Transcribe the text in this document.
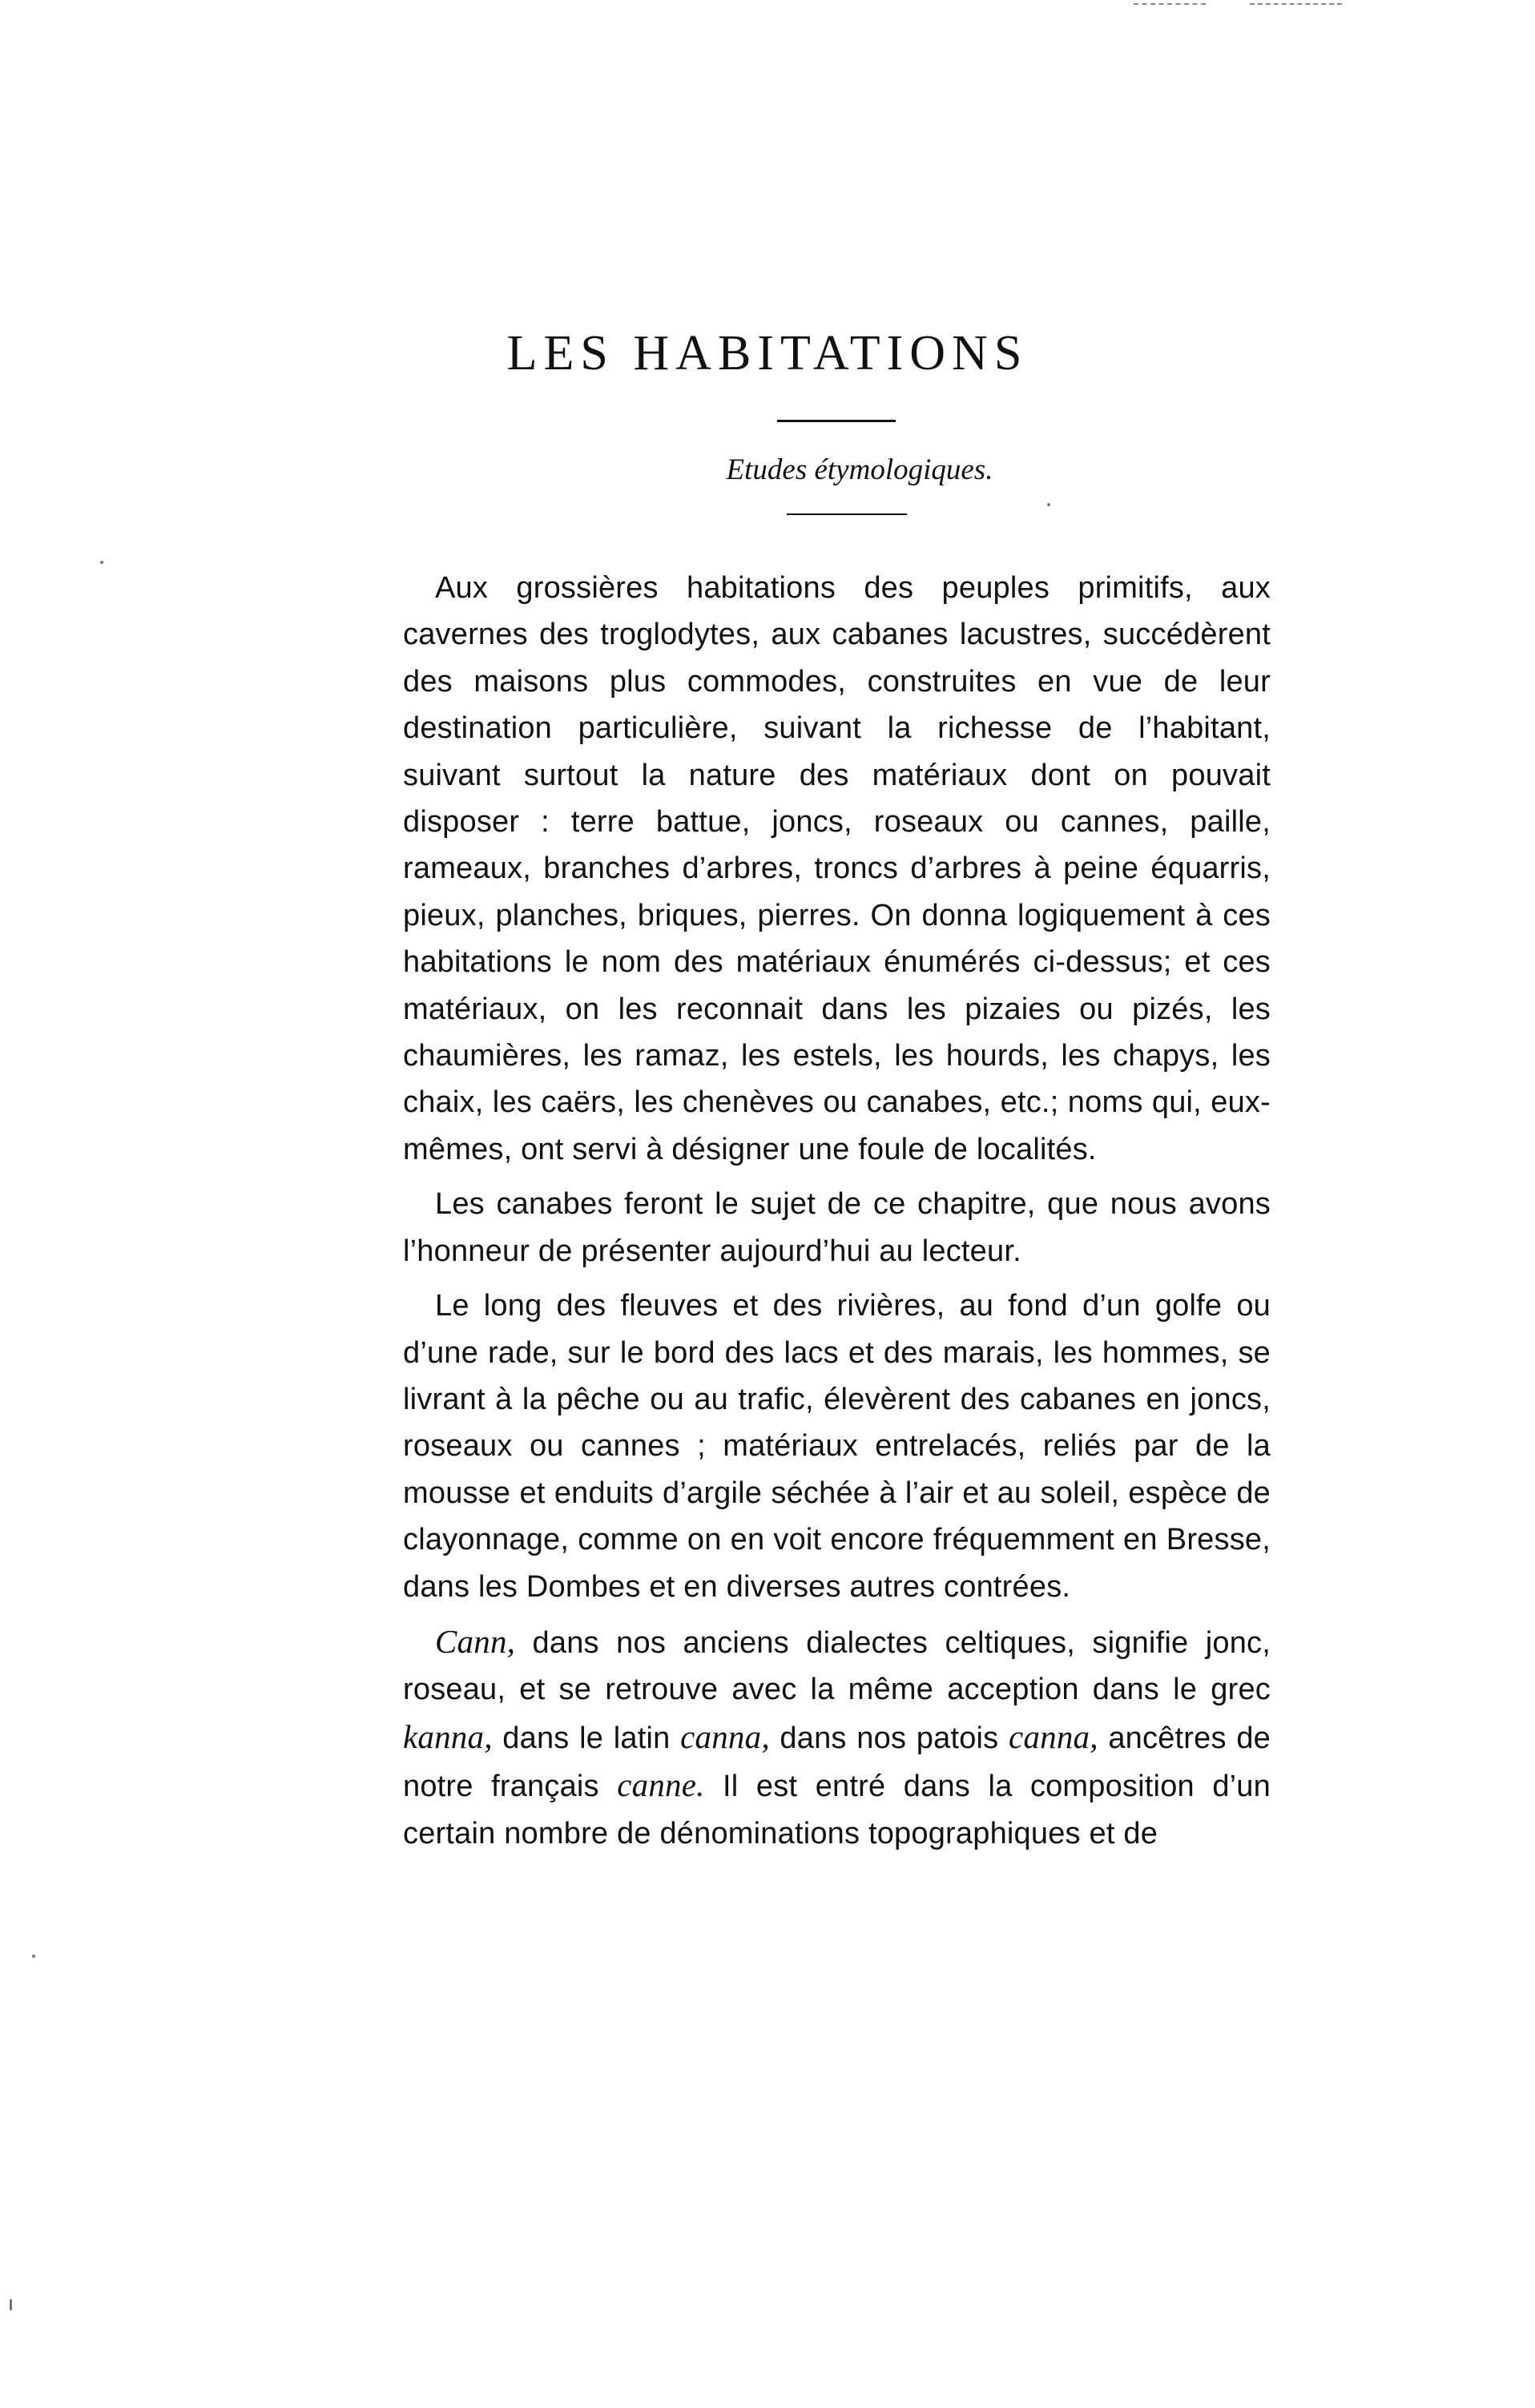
LES HABITATIONS

Etudes étymologiques.

Aux grossières habitations des peuples primitifs, aux cavernes des troglodytes, aux cabanes lacustres, succédèrent des maisons plus commodes, construites en vue de leur destination particulière, suivant la richesse de l’habitant, suivant surtout la nature des matériaux dont on pouvait disposer : terre battue, joncs, roseaux ou cannes, paille, rameaux, branches d’arbres, troncs d’arbres à peine équarris, pieux, planches, briques, pierres. On donna logiquement à ces habitations le nom des matériaux énumérés ci-dessus; et ces matériaux, on les reconnait dans les pizaies ou pizés, les chaumières, les ramaz, les estels, les hourds, les chapys, les chaix, les caërs, les chenèves ou canabes, etc.; noms qui, eux-mêmes, ont servi à désigner une foule de localités.

Les canabes feront le sujet de ce chapitre, que nous avons l’honneur de présenter aujourd’hui au lecteur.

Le long des fleuves et des rivières, au fond d’un golfe ou d’une rade, sur le bord des lacs et des marais, les hommes, se livrant à la pêche ou au trafic, élevèrent des cabanes en joncs, roseaux ou cannes ; matériaux entrelacés, reliés par de la mousse et enduits d’argile séchée à l’air et au soleil, espèce de clayonnage, comme on en voit encore fréquemment en Bresse, dans les Dombes et en diverses autres contrées.

Cann, dans nos anciens dialectes celtiques, signifie jonc, roseau, et se retrouve avec la même acception dans le grec kanna, dans le latin canna, dans nos patois canna, ancêtres de notre français canne. Il est entré dans la composition d’un certain nombre de dénominations topographiques et de
